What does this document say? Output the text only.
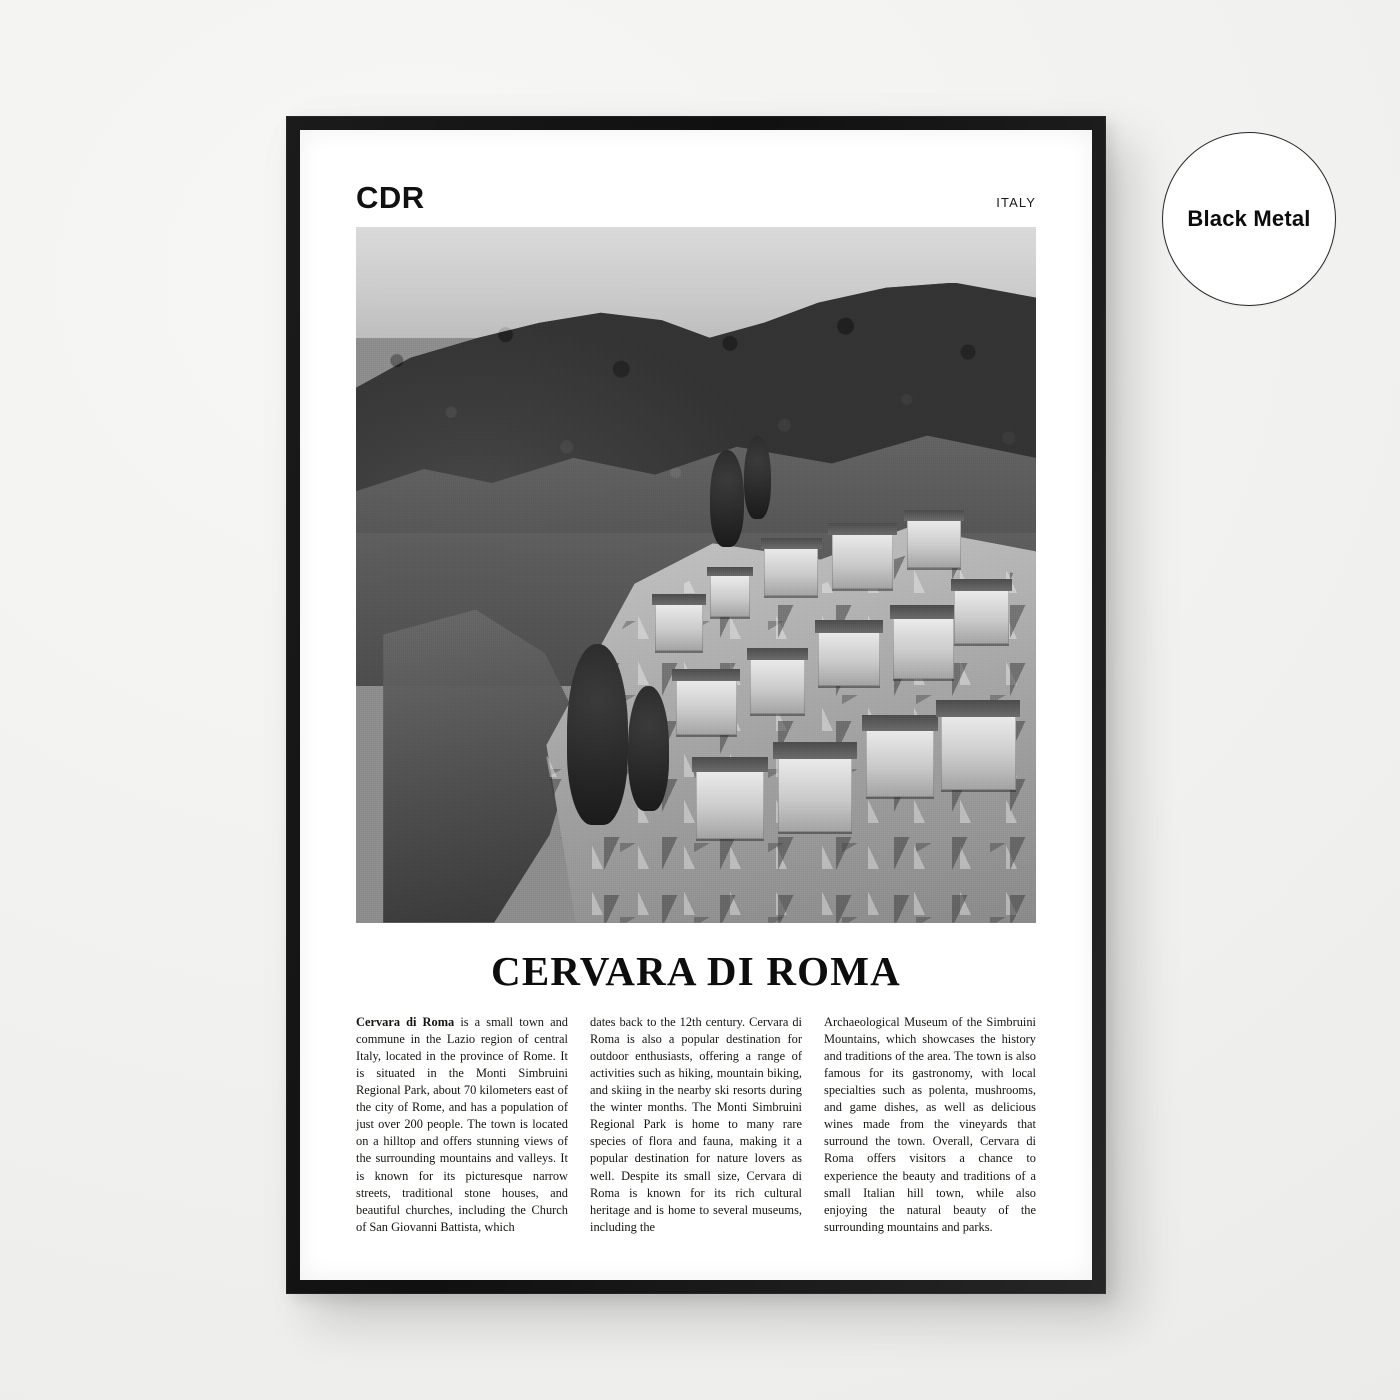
CDR	ITALY
CERVARA DI ROMA
Cervara di Roma is a small town and commune in the Lazio region of central Italy, located in the province of Rome. It is situated in the Monti Simbruini Regional Park, about 70 kilometers east of the city of Rome, and has a population of just over 200 people. The town is located on a hilltop and offers stunning views of the surrounding mountains and valleys. It is known for its picturesque narrow streets, traditional stone houses, and beautiful churches, including the Church of San Giovanni Battista, which
dates back to the 12th century. Cervara di Roma is also a popular destination for outdoor enthusiasts, offering a range of activities such as hiking, mountain biking, and skiing in the nearby ski resorts during the winter months. The Monti Simbruini Regional Park is home to many rare species of flora and fauna, making it a popular destination for nature lovers as well. Despite its small size, Cervara di Roma is known for its rich cultural heritage and is home to several museums, including the
Archaeological Museum of the Simbruini Mountains, which showcases the history and traditions of the area. The town is also famous for its gastronomy, with local specialties such as polenta, mushrooms, and game dishes, as well as delicious wines made from the vineyards that surround the town. Overall, Cervara di Roma offers visitors a chance to experience the beauty and traditions of a small Italian hill town, while also enjoying the natural beauty of the surrounding mountains and parks.
Black Metal
